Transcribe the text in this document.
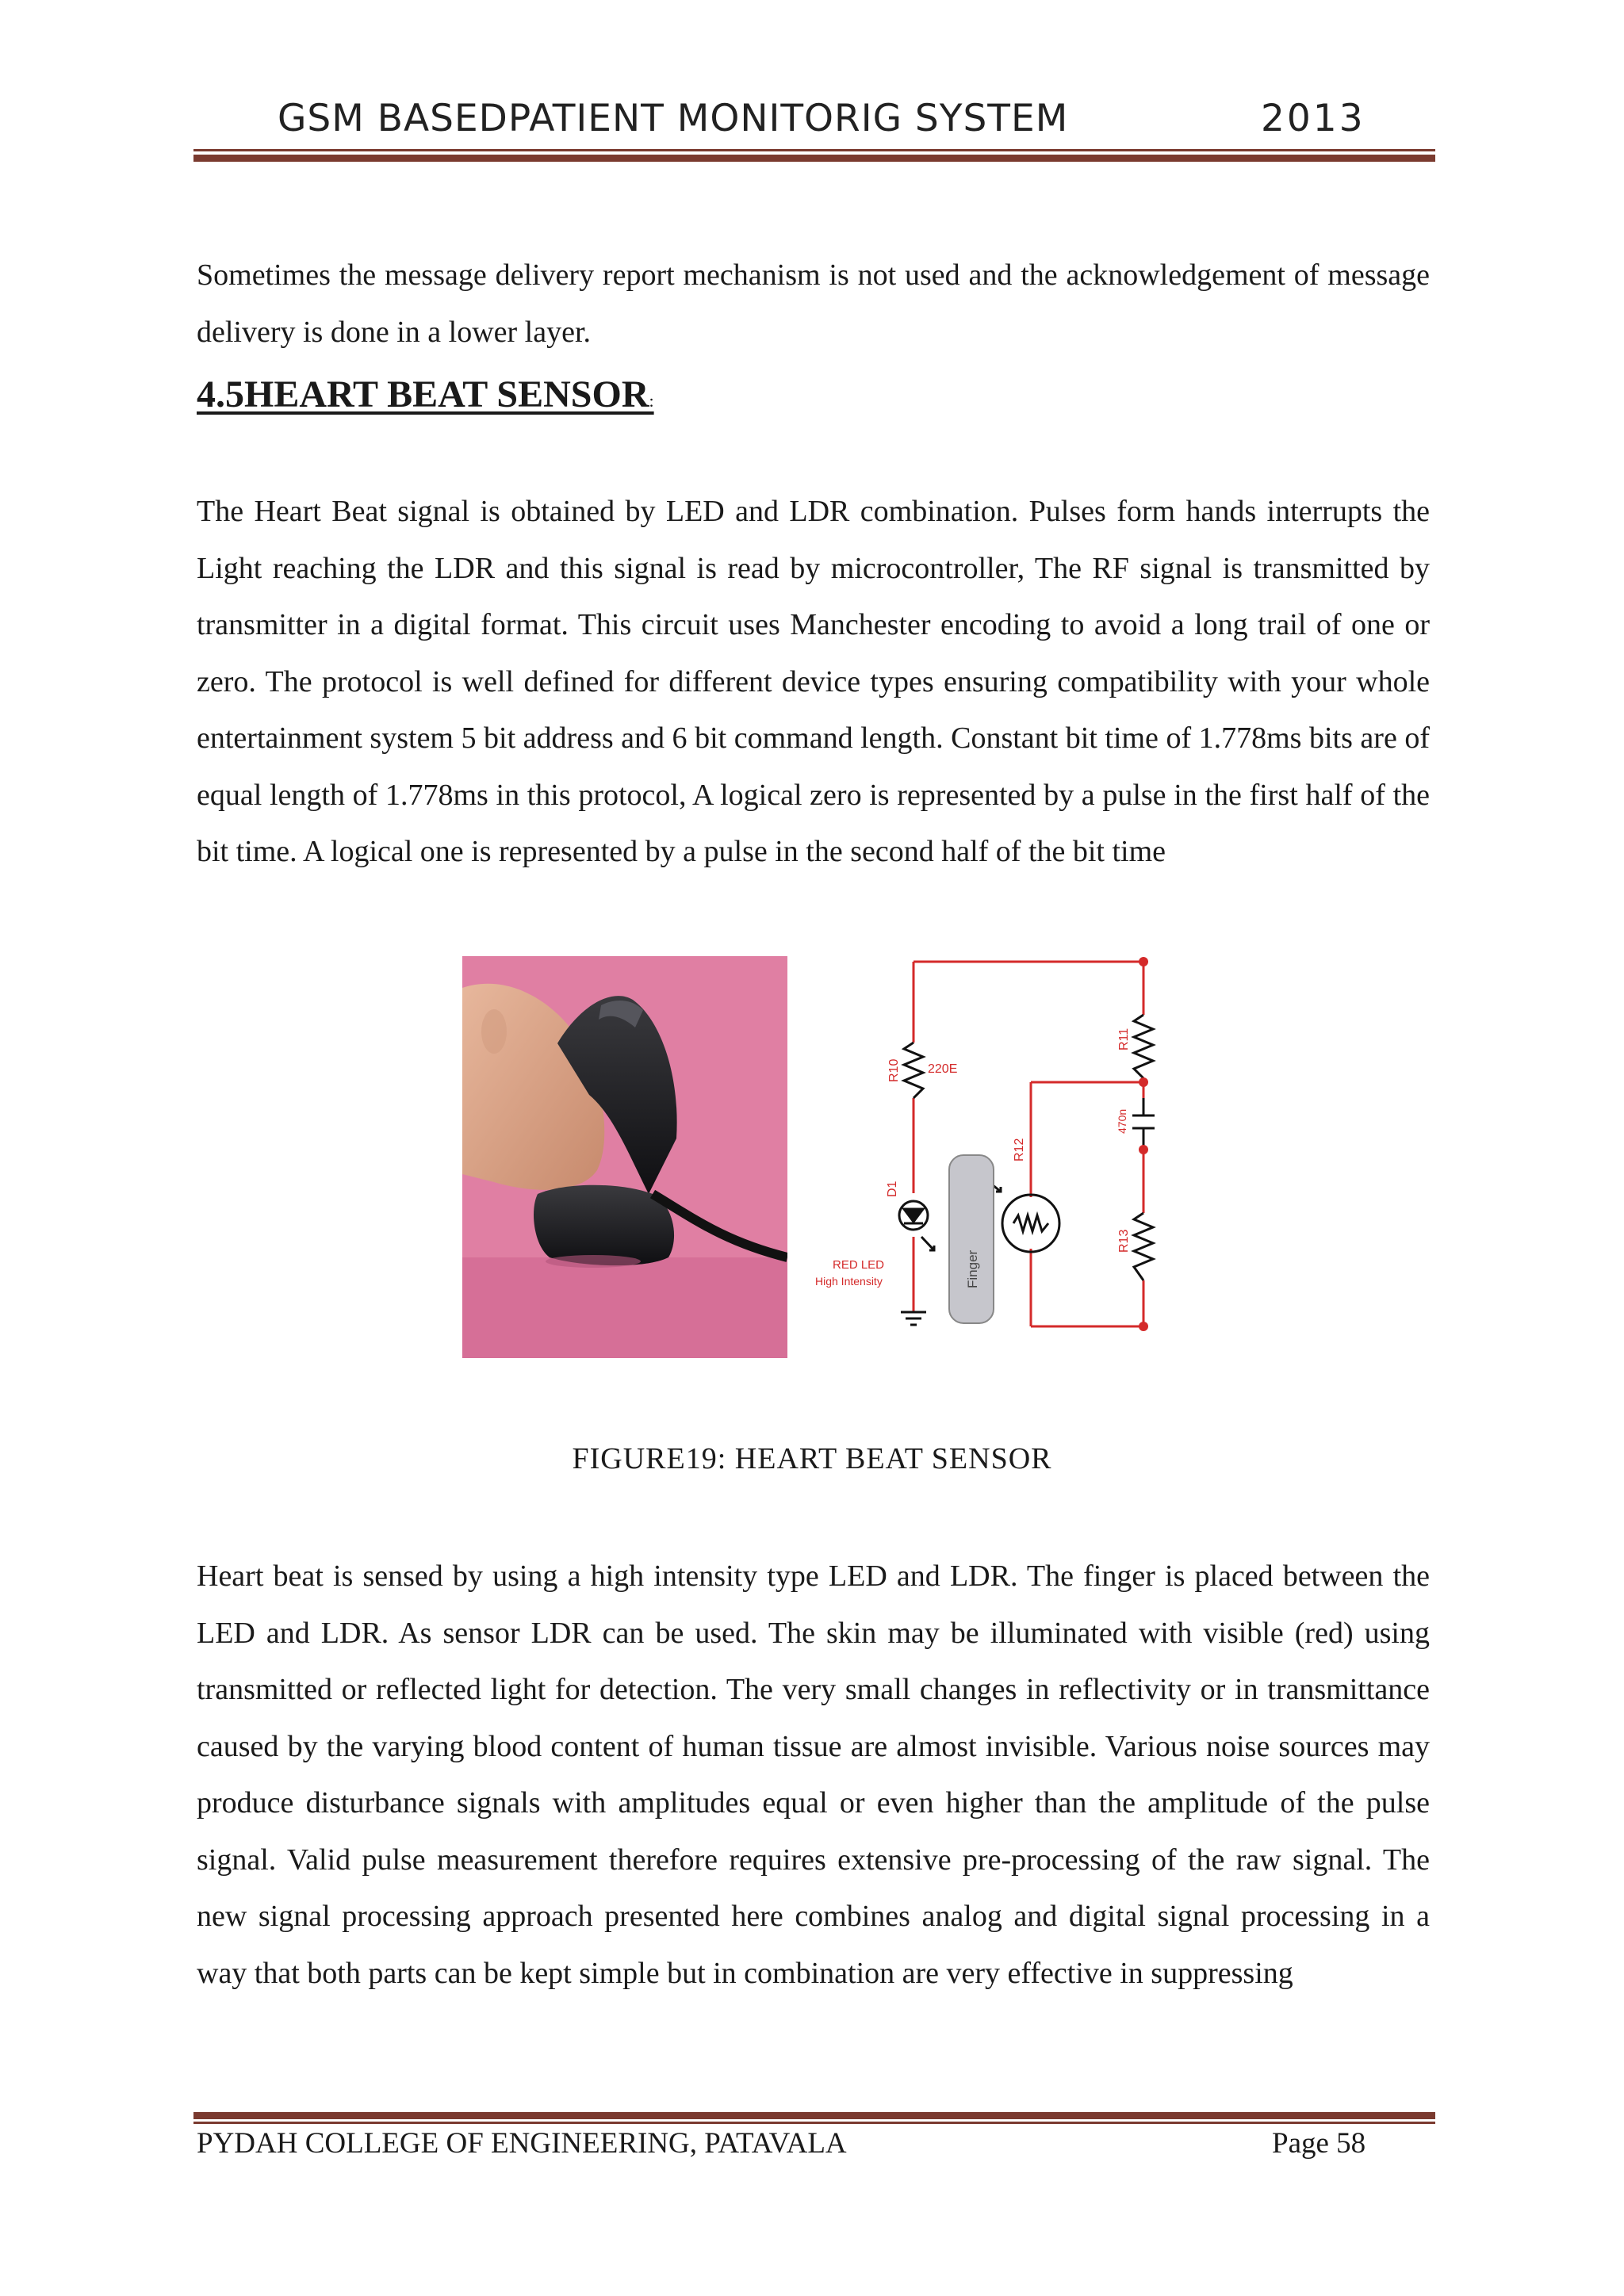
GSM BASEDPATIENT MONITORIG SYSTEM	2013
Sometimes the message delivery report mechanism is not used and the acknowledgement of message delivery is done in a lower layer.
4.5HEART BEAT SENSOR:
The Heart Beat signal is obtained by LED and LDR combination. Pulses form hands interrupts the Light reaching the LDR and this signal is read by microcontroller, The RF signal is transmitted by transmitter in a digital format. This circuit uses Manchester encoding to avoid a long trail of one or zero. The protocol is well defined for different device types ensuring compatibility with your whole entertainment system 5 bit address and 6 bit command length. Constant bit time of 1.778ms bits are of equal length of 1.778ms in this protocol, A logical zero is represented by a pulse in the first half of the bit time. A logical one is represented by a pulse in the second half of the bit time
R10 220E
D1
RED LED
High Intensity	Finger
R12
R11
470n
R13
FIGURE19: HEART BEAT SENSOR
Heart beat is sensed by using a high intensity type LED and LDR. The finger is placed between the LED and LDR. As sensor LDR can be used. The skin may be illuminated with visible (red) using transmitted or reflected light for detection. The very small changes in reflectivity or in transmittance caused by the varying blood content of human tissue are almost invisible. Various noise sources may produce disturbance signals with amplitudes equal or even higher than the amplitude of the pulse signal. Valid pulse measurement therefore requires extensive pre-processing of the raw signal. The new signal processing approach presented here combines analog and digital signal processing in a way that both parts can be kept simple but in combination are very effective in suppressing
PYDAH COLLEGE OF ENGINEERING, PATAVALA	Page 58
